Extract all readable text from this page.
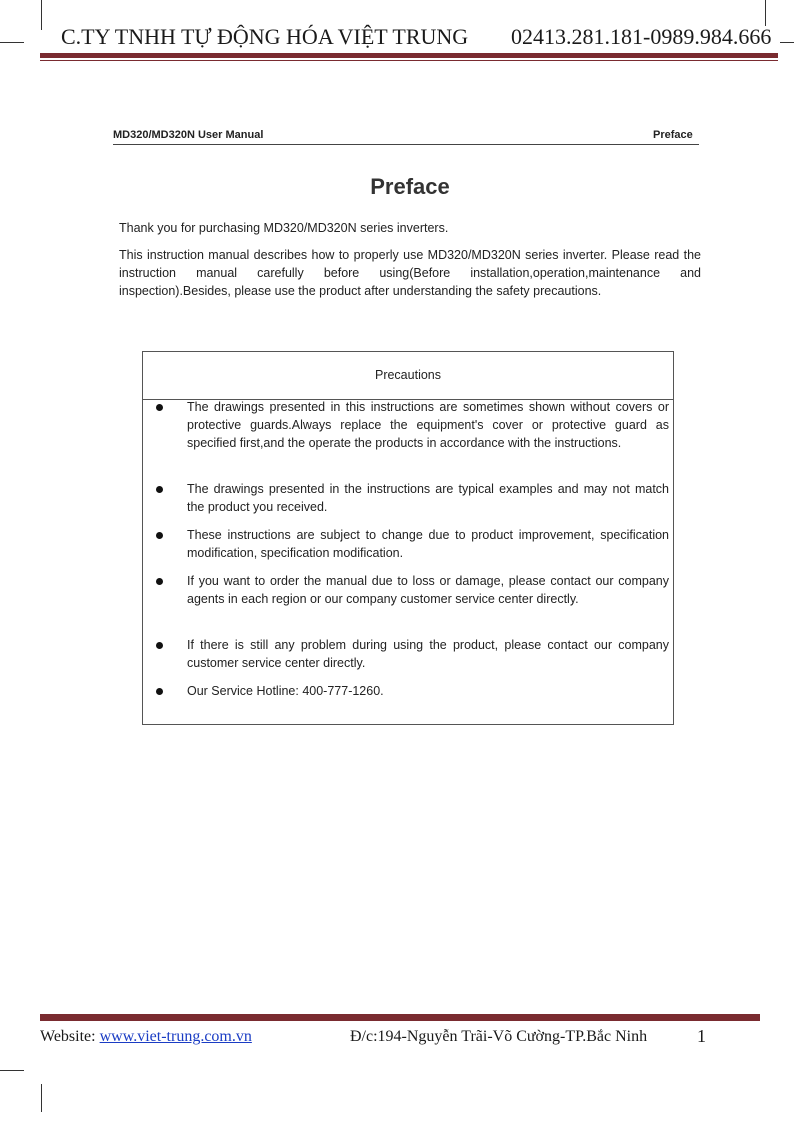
C.TY TNHH TỰ ĐỘNG HÓA VIỆT TRUNG 02413.281.181-0989.984.666
MD320/MD320N User Manual	Preface
Preface
Thank you for purchasing MD320/MD320N series inverters.
This instruction manual describes how to properly use MD320/MD320N series inverter. Please read the instruction manual carefully before using(Before installation,operation,maintenance and inspection).Besides, please use the product after understanding the safety precautions.
Precautions
The drawings presented in this instructions are sometimes shown without covers or protective guards.Always replace the equipment's cover or protective guard as specified first,and the operate the products in accordance with the instructions.
The drawings presented in the instructions are typical examples and may not match the product you received.
These instructions are subject to change due to product improvement, specification modification, specification modification.
If you want to order the manual due to loss or damage, please contact our company agents in each region or our company customer service center directly.
If there is still any problem during using the product, please contact our company customer service center directly.
Our Service Hotline: 400-777-1260.
Website: www.viet-trung.com.vn	Đ/c:194-Nguyễn Trãi-Võ Cường-TP.Bắc Ninh	1
